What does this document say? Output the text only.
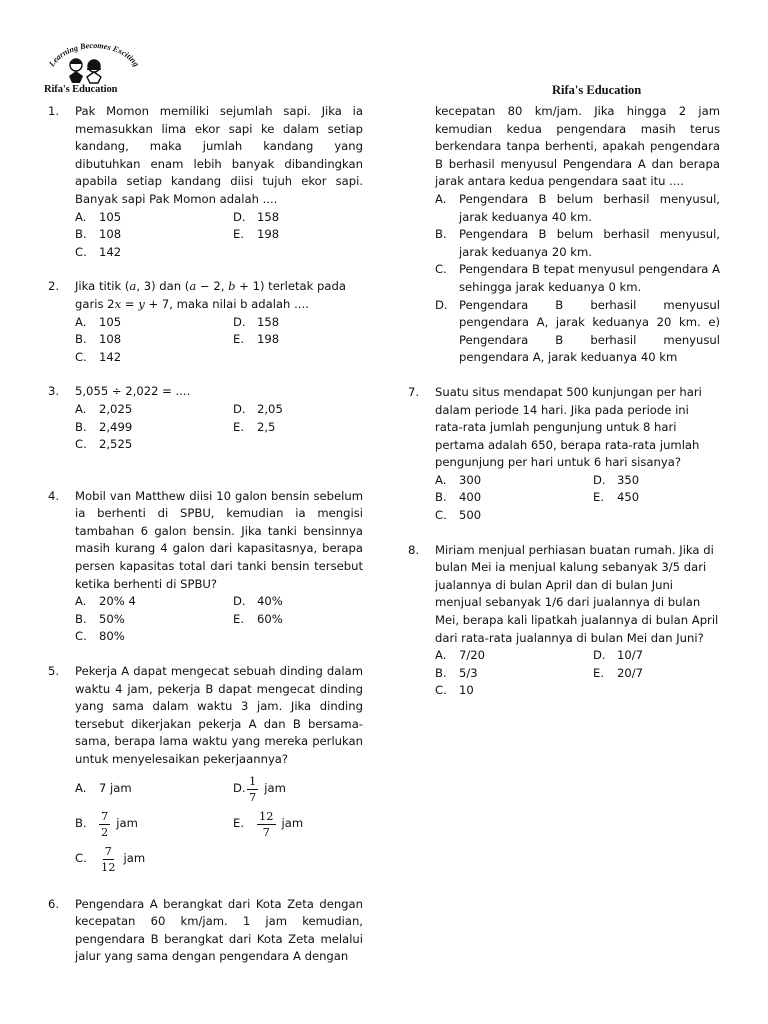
Learning Becomes Exciting
Rifa's Education	Rifa's Education
1. Pak Momon memiliki sejumlah sapi. Jika ia memasukkan lima ekor sapi ke dalam setiap kandang, maka jumlah kandang yang dibutuhkan enam lebih banyak dibandingkan apabila setiap kandang diisi tujuh ekor sapi. Banyak sapi Pak Momon adalah ....
A.	105	D. 158
B.	108	E.	198
C.	142
2. Jika titik (a, 3) dan (a − 2, b + 1) terletak pada garis 2x = y + 7, maka nilai b adalah ....
A.	105	D. 158
B.	108	E.	198
C.	142
3. 5,055 ÷ 2,022 = ....
A.	2,025	D. 2,05
B.	2,499	E.	2,5
C.	2,525
4. Mobil van Matthew diisi 10 galon bensin sebelum ia berhenti di SPBU, kemudian ia mengisi tambahan 6 galon bensin. Jika tanki bensinnya masih kurang 4 galon dari kapasitasnya, berapa persen kapasitas total dari tanki bensin tersebut ketika berhenti di SPBU?
A.	20% 4	D. 40%
B.	50%	E.	60%
C.	80%
5. Pekerja A dapat mengecat sebuah dinding dalam waktu 4 jam, pekerja B dapat mengecat dinding yang sama dalam waktu 3 jam. Jika dinding tersebut dikerjakan pekerja A dan B bersama-sama, berapa lama waktu yang mereka perlukan untuk menyelesaikan pekerjaannya?
A.	7 jam	D. $\frac{1}{7}$ jam
B.	$\frac{7}{2}$ jam	E.	$\frac{12}{7}$ jam
C.	$\frac{7}{12}$ jam
6. Pengendara A berangkat dari Kota Zeta dengan kecepatan 60 km/jam. 1 jam kemudian, pengendara B berangkat dari Kota Zeta melalui jalur yang sama dengan pengendara A dengan
kecepatan 80 km/jam. Jika hingga 2 jam kemudian kedua pengendara masih terus berkendara tanpa berhenti, apakah pengendara B berhasil menyusul Pengendara A dan berapa jarak antara kedua pengendara saat itu ....
A.	Pengendara B belum berhasil menyusul, jarak keduanya 40 km.
B.	Pengendara B belum berhasil menyusul, jarak keduanya 20 km.
C.	Pengendara B tepat menyusul pengendara A sehingga jarak keduanya 0 km.
D. Pengendara B berhasil menyusul pengendara A, jarak keduanya 20 km. e) Pengendara B berhasil menyusul pengendara A, jarak keduanya 40 km
7. Suatu situs mendapat 500 kunjungan per hari dalam periode 14 hari. Jika pada periode ini rata-rata jumlah pengunjung untuk 8 hari pertama adalah 650, berapa rata-rata jumlah pengunjung per hari untuk 6 hari sisanya?
A.	300	D. 350
B.	400	E.	450
C.	500
8. Miriam menjual perhiasan buatan rumah. Jika di bulan Mei ia menjual kalung sebanyak 3/5 dari jualannya di bulan April dan di bulan Juni menjual sebanyak 1/6 dari jualannya di bulan Mei, berapa kali lipatkah jualannya di bulan April dari rata-rata jualannya di bulan Mei dan Juni?
A.	7/20	D. 10/7
B.	5/3	E.	20/7
C.	10
